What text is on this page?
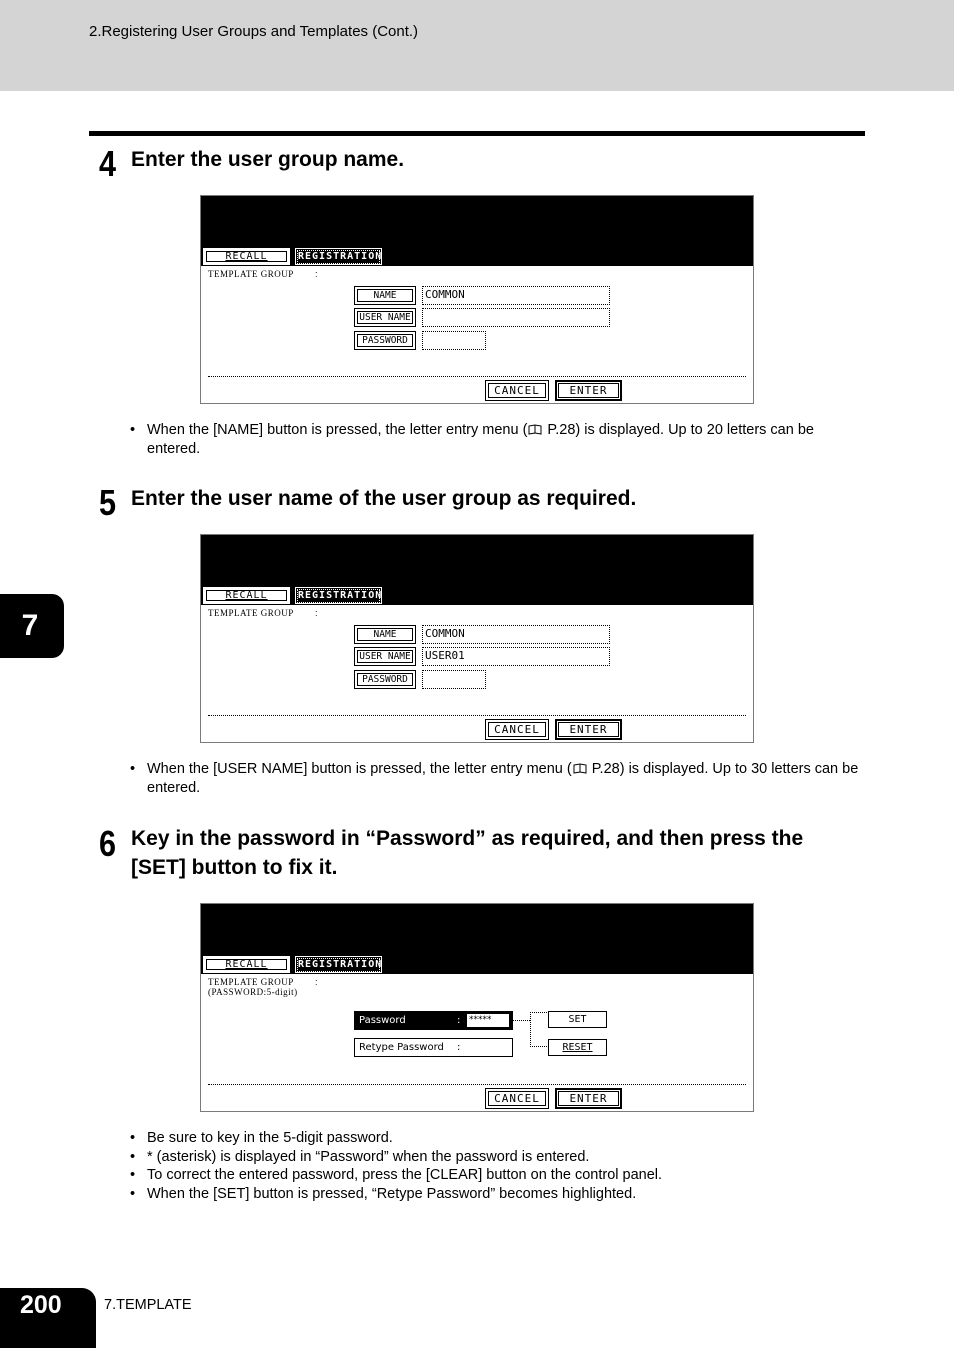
2.Registering User Groups and Templates (Cont.)
4 Enter the user group name.
RECALL	REGISTRATION
TEMPLATE GROUP :
NAME	COMMON
USER NAME
PASSWORD
CANCEL	ENTER
• When the [NAME] button is pressed, the letter entry menu ( P.28) is displayed. Up to 20 letters can be entered.
5 Enter the user name of the user group as required.
RECALL	REGISTRATION
TEMPLATE GROUP :
NAME	COMMON
USER NAME USER01
PASSWORD
CANCEL	ENTER
• When the [USER NAME] button is pressed, the letter entry menu ( P.28) is displayed. Up to 30 letters can be entered.
6 Key in the password in “Password” as required, and then press the [SET] button to fix it.
RECALL	REGISTRATION
TEMPLATE GROUP
(PASSWORD:5-digit)
:
Password	: *****
Retype Password :
SET
RESET
CANCEL	ENTER
• Be sure to key in the 5-digit password.
• * (asterisk) is displayed in “Password” when the password is entered.
• To correct the entered password, press the [CLEAR] button on the control panel.
• When the [SET] button is pressed, “Retype Password” becomes highlighted.
7
200	7.TEMPLATE
